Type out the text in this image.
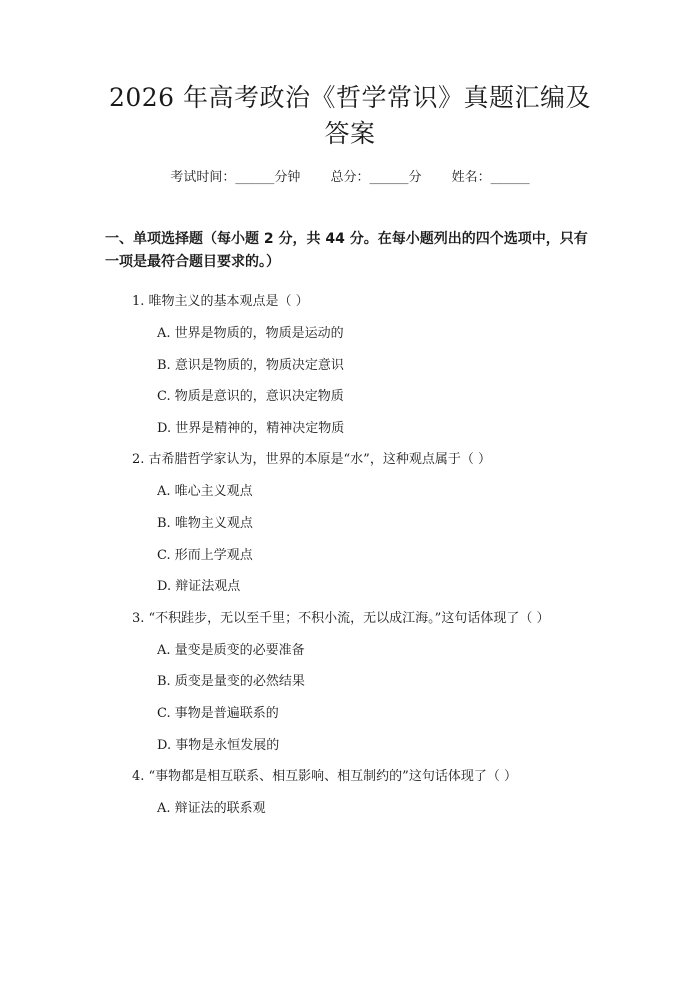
2026 年高考政治《哲学常识》真题汇编及答案
考试时间：______分钟 总分：______分 姓名：______
一、单项选择题（每小题 2 分，共 44 分。在每小题列出的四个选项中，只有一项是最符合题目要求的。）
1. 唯物主义的基本观点是（ ）
A. 世界是物质的，物质是运动的
B. 意识是物质的，物质决定意识
C. 物质是意识的，意识决定物质
D. 世界是精神的，精神决定物质
2. 古希腊哲学家认为，世界的本原是“水”，这种观点属于（ ）
A. 唯心主义观点
B. 唯物主义观点
C. 形而上学观点
D. 辩证法观点
3. “不积跬步，无以至千里；不积小流，无以成江海。”这句话体现了（ ）
A. 量变是质变的必要准备
B. 质变是量变的必然结果
C. 事物是普遍联系的
D. 事物是永恒发展的
4. “事物都是相互联系、相互影响、相互制约的”这句话体现了（ ）
A. 辩证法的联系观
